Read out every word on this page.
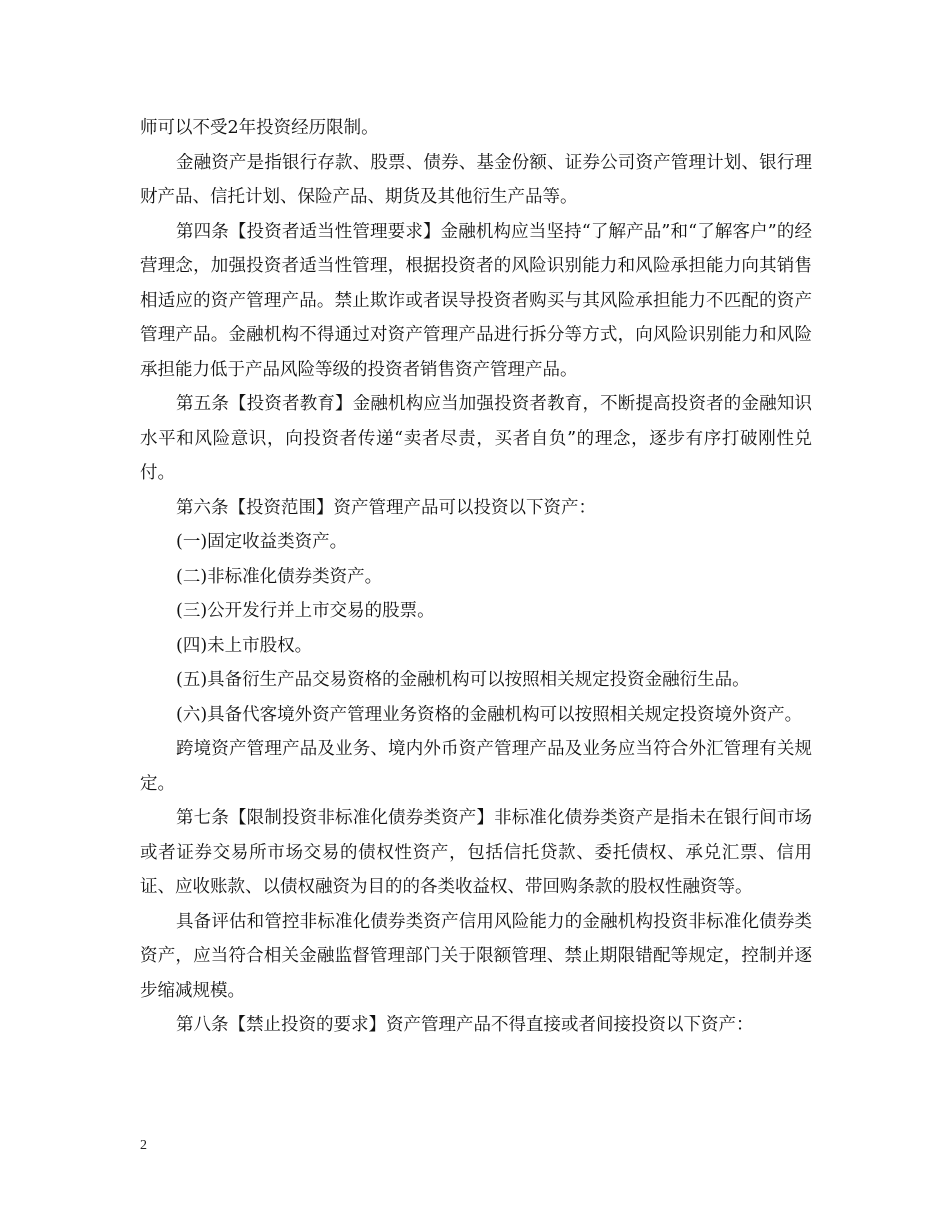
师可以不受2年投资经历限制。

金融资产是指银行存款、股票、债券、基金份额、证券公司资产管理计划、银行理财产品、信托计划、保险产品、期货及其他衍生产品等。

第四条【投资者适当性管理要求】金融机构应当坚持“了解产品”和“了解客户”的经营理念，加强投资者适当性管理，根据投资者的风险识别能力和风险承担能力向其销售相适应的资产管理产品。禁止欺诈或者误导投资者购买与其风险承担能力不匹配的资产管理产品。金融机构不得通过对资产管理产品进行拆分等方式，向风险识别能力和风险承担能力低于产品风险等级的投资者销售资产管理产品。

第五条【投资者教育】金融机构应当加强投资者教育，不断提高投资者的金融知识水平和风险意识，向投资者传递“卖者尽责，买者自负”的理念，逐步有序打破刚性兑付。

第六条【投资范围】资产管理产品可以投资以下资产：

(一)固定收益类资产。

(二)非标准化债券类资产。

(三)公开发行并上市交易的股票。

(四)未上市股权。

(五)具备衍生产品交易资格的金融机构可以按照相关规定投资金融衍生品。

(六)具备代客境外资产管理业务资格的金融机构可以按照相关规定投资境外资产。

跨境资产管理产品及业务、境内外币资产管理产品及业务应当符合外汇管理有关规定。

第七条【限制投资非标准化债券类资产】非标准化债券类资产是指未在银行间市场或者证券交易所市场交易的债权性资产，包括信托贷款、委托债权、承兑汇票、信用证、应收账款、以债权融资为目的的各类收益权、带回购条款的股权性融资等。

具备评估和管控非标准化债券类资产信用风险能力的金融机构投资非标准化债券类资产，应当符合相关金融监督管理部门关于限额管理、禁止期限错配等规定，控制并逐步缩减规模。

第八条【禁止投资的要求】资产管理产品不得直接或者间接投资以下资产：

2
